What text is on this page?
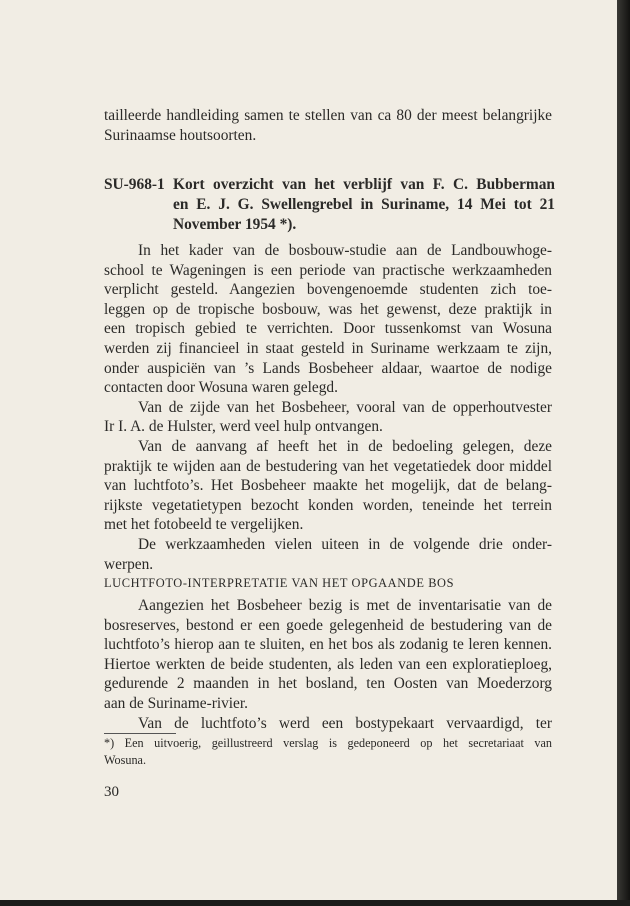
tailleerde handleiding samen te stellen van ca 80 der meest belangrijke

Surinaamse houtsoorten.

SU-968-1 Kort overzicht van het verblijf van F. C. Bubberman
en E. J. G. Swellengrebel in Suriname, 14 Mei tot 21
November 1954 *).

In het kader van de bosbouw-studie aan de Landbouwhoge-

school te Wageningen is een periode van practische werkzaamheden

verplicht gesteld. Aangezien bovengenoemde studenten zich toe-

leggen op de tropische bosbouw, was het gewenst, deze praktijk in

een tropisch gebied te verrichten. Door tussenkomst van Wosuna

werden zij financieel in staat gesteld in Suriname werkzaam te zijn,

onder auspiciën van ’s Lands Bosbeheer aldaar, waartoe de nodige

contacten door Wosuna waren gelegd.

Van de zijde van het Bosbeheer, vooral van de opperhoutvester

Ir I. A. de Hulster, werd veel hulp ontvangen.

Van de aanvang af heeft het in de bedoeling gelegen, deze

praktijk te wijden aan de bestudering van het vegetatiedek door middel

van luchtfoto’s. Het Bosbeheer maakte het mogelijk, dat de belang-

rijkste vegetatietypen bezocht konden worden, teneinde het terrein

met het fotobeeld te vergelijken.

De werkzaamheden vielen uiteen in de volgende drie onder-

werpen.

LUCHTFOTO-INTERPRETATIE VAN HET OPGAANDE BOS

Aangezien het Bosbeheer bezig is met de inventarisatie van de

bosreserves, bestond er een goede gelegenheid de bestudering van de

luchtfoto’s hierop aan te sluiten, en het bos als zodanig te leren kennen.

Hiertoe werkten de beide studenten, als leden van een exploratieploeg,

gedurende 2 maanden in het bosland, ten Oosten van Moederzorg

aan de Suriname-rivier.

Van de luchtfoto’s werd een bostypekaart vervaardigd, ter

*) Een uitvoerig, geillustreerd verslag is gedeponeerd op het secretariaat van

Wosuna.

30
